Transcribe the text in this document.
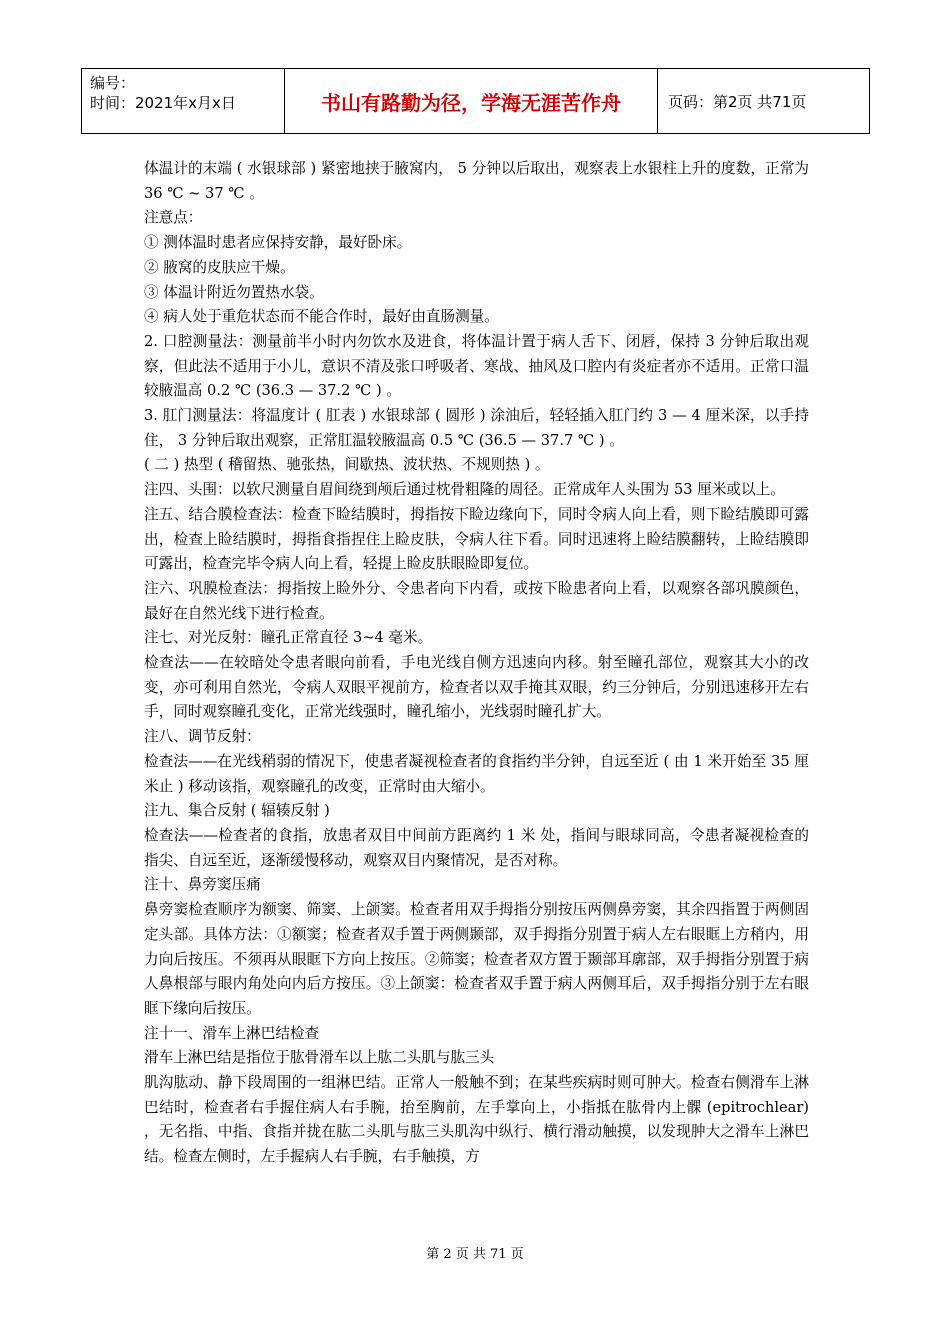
编号：
时间：2021年x月x日	书山有路勤为径，学海无涯苦作舟	页码：第2页 共71页

体温计的末端 ( 水银球部 ) 紧密地挟于腋窝内， 5 分钟以后取出，观察表上水银柱上升的度数，正常为 36 ℃ ~ 37 ℃ 。

注意点：

① 测体温时患者应保持安静，最好卧床。

② 腋窝的皮肤应干燥。

③ 体温计附近勿置热水袋。

④ 病人处于重危状态而不能合作时，最好由直肠测量。

2. 口腔测量法：测量前半小时内勿饮水及进食，将体温计置于病人舌下、闭唇，保持 3 分钟后取出观察，但此法不适用于小儿，意识不清及张口呼吸者、寒战、抽风及口腔内有炎症者亦不适用。正常口温较腋温高 0.2 ℃ (36.3 — 37.2 ℃ ) 。

3. 肛门测量法：将温度计 ( 肛表 ) 水银球部 ( 圆形 ) 涂油后，轻轻插入肛门约 3 — 4 厘米深，以手持住， 3 分钟后取出观察，正常肛温较腋温高 0.5 ℃ (36.5 — 37.7 ℃ ) 。

( 二 ) 热型 ( 稽留热、驰张热，间歇热、波状热、不规则热 ) 。

注四、头围：以软尺测量自眉间绕到颅后通过枕骨粗隆的周径。正常成年人头围为 53 厘米或以上。

注五、结合膜检查法：检查下睑结膜时，拇指按下睑边缘向下，同时令病人向上看，则下睑结膜即可露出，检查上睑结膜时，拇指食指捏住上睑皮肤，令病人往下看。同时迅速将上睑结膜翻转，上睑结膜即可露出，检查完毕令病人向上看，轻提上睑皮肤眼睑即复位。

注六、巩膜检查法：拇指按上睑外分、令患者向下内看，或按下睑患者向上看，以观察各部巩膜颜色，最好在自然光线下进行检查。

注七、对光反射：瞳孔正常直径 3~4 毫米。

检查法——在较暗处令患者眼向前看，手电光线自侧方迅速向内移。射至瞳孔部位，观察其大小的改变，亦可利用自然光，令病人双眼平视前方，检查者以双手掩其双眼，约三分钟后，分别迅速移开左右手，同时观察瞳孔变化，正常光线强时，瞳孔缩小，光线弱时瞳孔扩大。

注八、调节反射：

检查法——在光线稍弱的情况下，使患者凝视检查者的食指约半分钟，自远至近 ( 由 1 米开始至 35 厘米止 ) 移动该指，观察瞳孔的改变，正常时由大缩小。

注九、集合反射 ( 辐辏反射 )

检查法——检查者的食指，放患者双目中间前方距离约 1 米 处，指间与眼球同高，令患者凝视检查的指尖、自远至近，逐渐缓慢移动，观察双目内聚情况，是否对称。

注十、鼻旁窦压痛

鼻旁窦检查顺序为额窦、筛窦、上颌窦。检查者用双手拇指分别按压两侧鼻旁窦，其余四指置于两侧固定头部。具体方法：①额窦；检查者双手置于两侧颞部，双手拇指分别置于病人左右眼眶上方稍内，用力向后按压。不须再从眼眶下方向上按压。②筛窦；检查者双方置于颞部耳廓部，双手拇指分别置于病人鼻根部与眼内角处向内后方按压。③上颌窦：检查者双手置于病人两侧耳后，双手拇指分别于左右眼眶下缘向后按压。

注十一、滑车上淋巴结检查

滑车上淋巴结是指位于肱骨滑车以上肱二头肌与肱三头

肌沟肱动、静下段周围的一组淋巴结。正常人一般触不到；在某些疾病时则可肿大。检查右侧滑车上淋巴结时，检查者右手握住病人右手腕，抬至胸前，左手掌向上，小指抵在肱骨内上髁 (epitrochlear) ，无名指、中指、食指并拢在肱二头肌与肱三头肌沟中纵行、横行滑动触摸，以发现肿大之滑车上淋巴结。检查左侧时，左手握病人右手腕，右手触摸，方

第 2 页 共 71 页
